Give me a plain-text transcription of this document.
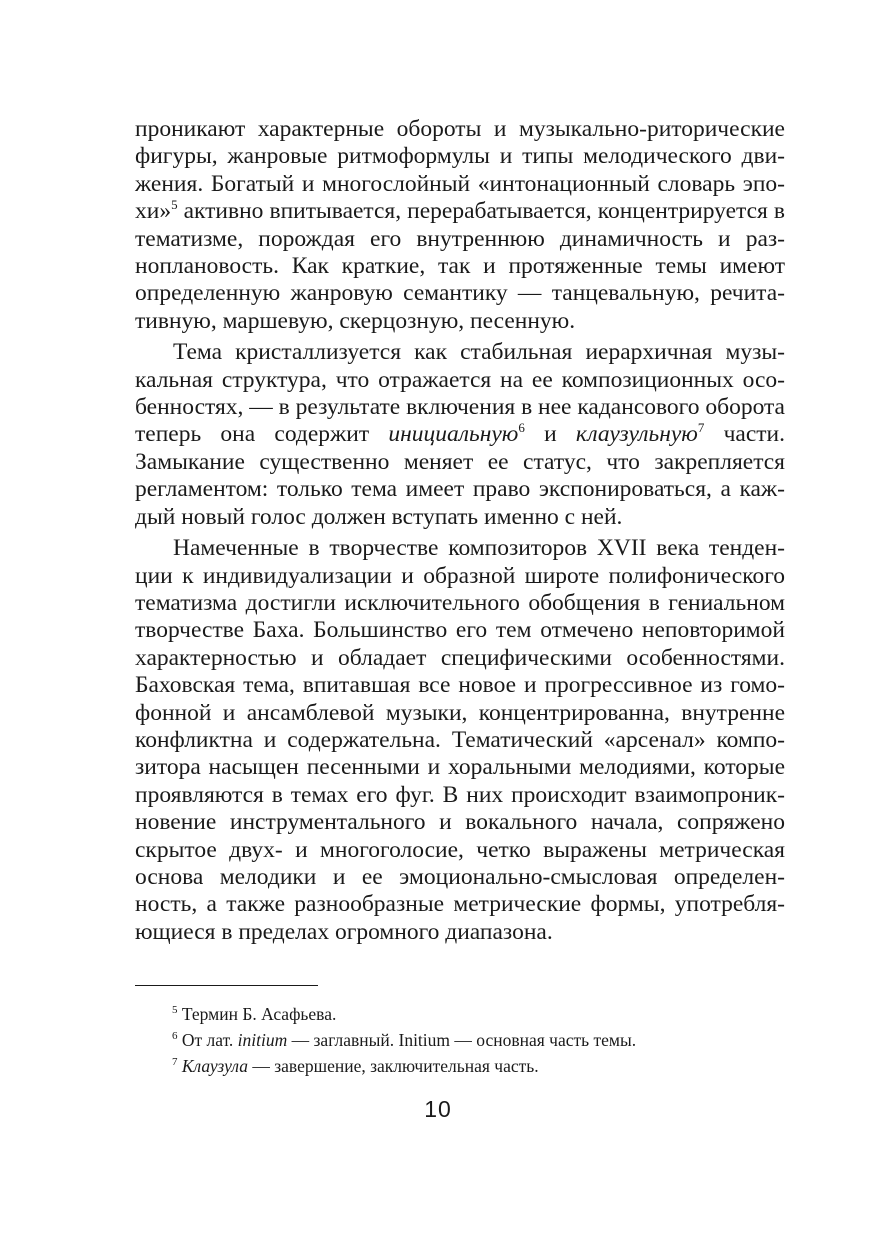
проникают характерные обороты и музыкально-риторические фигуры, жанровые ритмоформулы и типы мелодического движения. Богатый и многослойный «интонационный словарь эпохи»$^5$ активно впитывается, перерабатывается, концентрируется в тематизме, порождая его внутреннюю динамичность и разноплановость. Как краткие, так и протяженные темы имеют определенную жанровую семантику — танцевальную, речитативную, маршевую, скерцозную, песенную.

Тема кристаллизуется как стабильная иерархичная музыкальная структура, что отражается на ее композиционных особенностях, — в результате включения в нее кадансового оборота теперь она содержит инициальную$^6$ и клаузульную$^7$ части. Замыкание существенно меняет ее статус, что закрепляется регламентом: только тема имеет право экспонироваться, а каждый новый голос должен вступать именно с ней.

Намеченные в творчестве композиторов XVII века тенденции к индивидуализации и образной широте полифонического тематизма достигли исключительного обобщения в гениальном творчестве Баха. Большинство его тем отмечено неповторимой характерностью и обладает специфическими особенностями. Баховская тема, впитавшая все новое и прогрессивное из гомофонной и ансамблевой музыки, концентрированна, внутренне конфликтна и содержательна. Тематический «арсенал» композитора насыщен песенными и хоральными мелодиями, которые проявляются в темах его фуг. В них происходит взаимопроникновение инструментального и вокального начала, сопряжено скрытое двух- и многоголосие, четко выражены метрическая основа мелодики и ее эмоционально-смысловая определенность, а также разнообразные метрические формы, употребляющиеся в пределах огромного диапазона.

$^5$ Термин Б. Асафьева.
$^6$ От лат. initium — заглавный. Initium — основная часть темы.
$^7$ Клаузула — завершение, заключительная часть.
10
